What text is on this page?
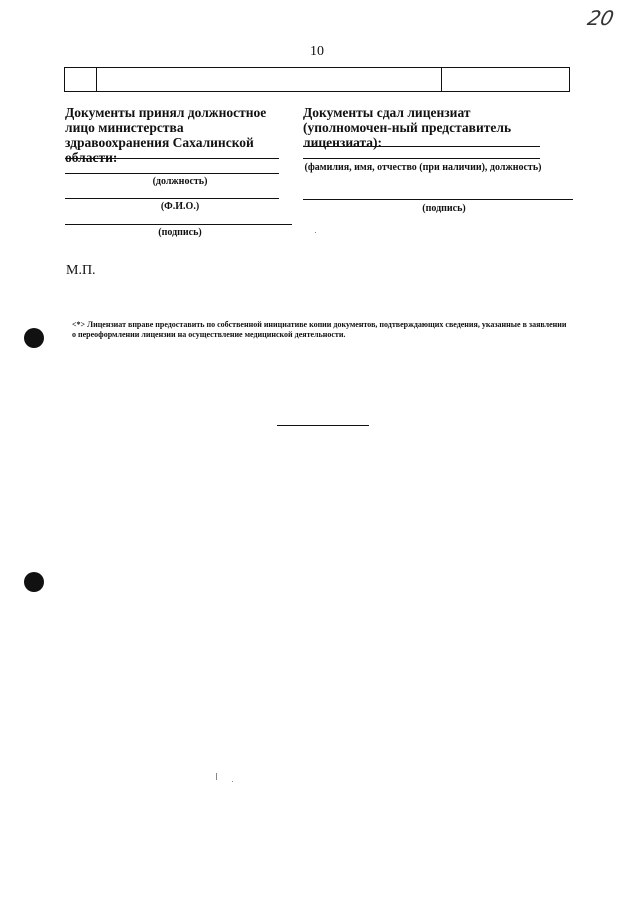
20
10
Документы принял должностное лицо министерства здравоохранения Сахалинской области:
(должность)
(Ф.И.О.)
(подпись)
Документы сдал лицензиат (уполномочен-ный представитель лицензиата):
(фамилия, имя, отчество (при наличии), должность)
(подпись)
М.П.
<*> Лицензиат вправе предоставить по собственной инициативе копии документов, подтверждающих сведения, указанные в заявлении о переоформлении лицензии на осуществление медицинской деятельности.
